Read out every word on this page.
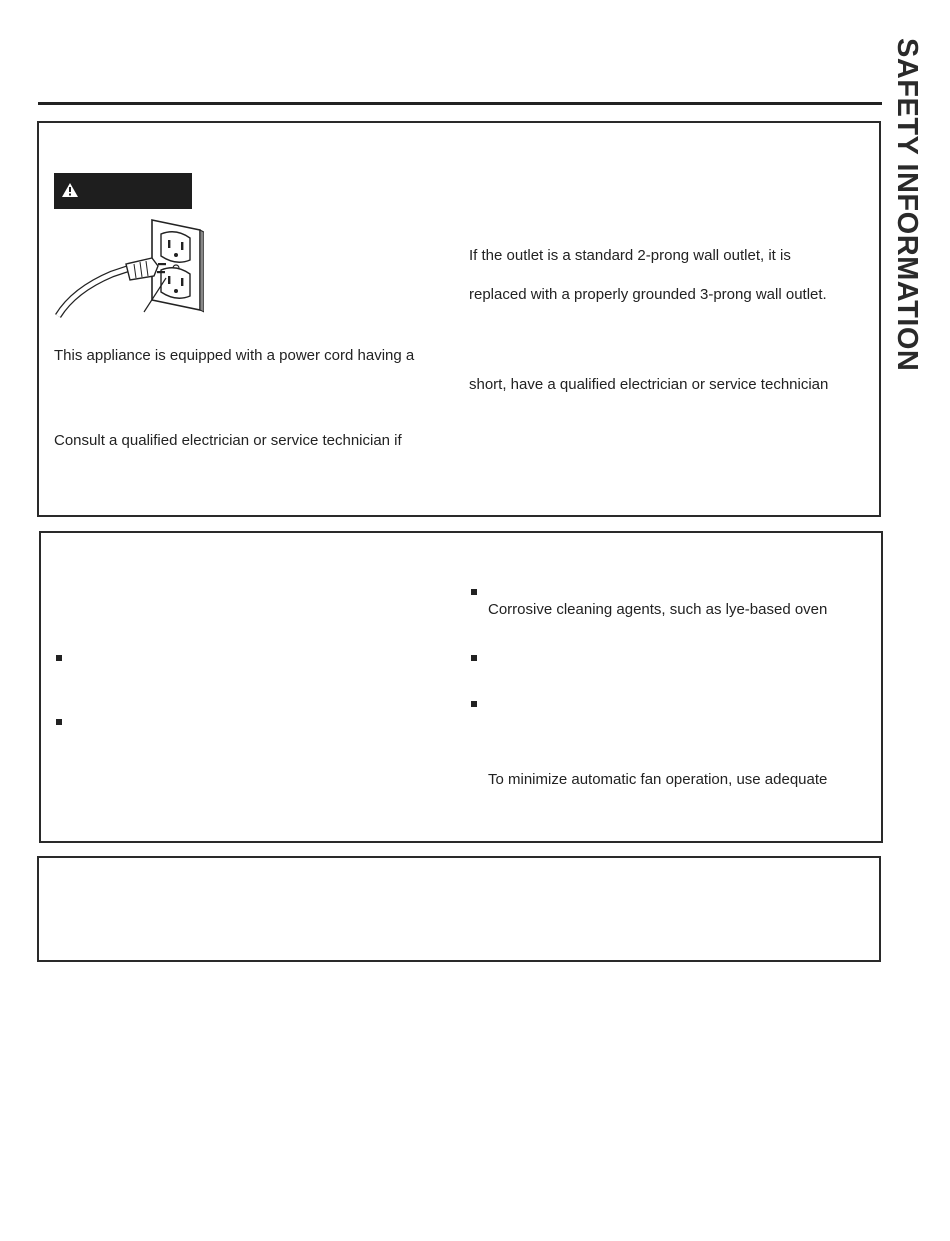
SAFETY INFORMATION
This appliance is equipped with a power cord having a
Consult a qualified electrician or service technician if
If the outlet is a standard 2-prong wall outlet, it is
replaced with a properly grounded 3-prong wall outlet.
short, have a qualified electrician or service technician
Corrosive cleaning agents, such as lye-based oven
To minimize automatic fan operation, use adequate
